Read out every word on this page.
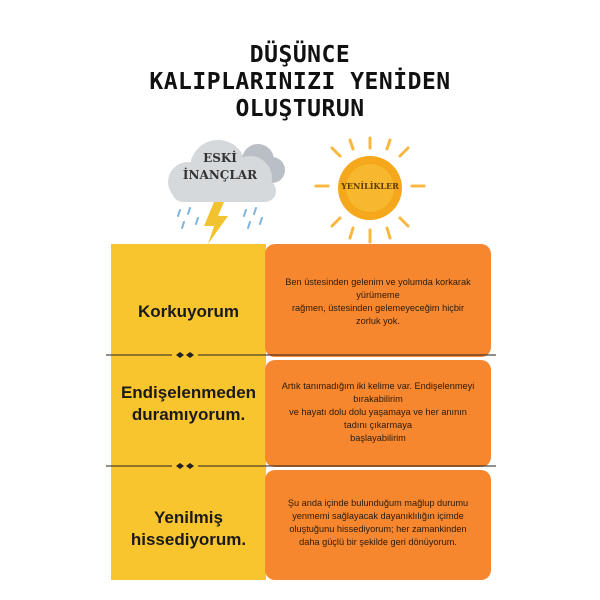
DÜŞÜNCE
KALIPLARINIZI YENİDEN
OLUŞTURUN
ESKİ
İNANÇLAR
YENİLİKLER
Korkuyorum
Endişelenmeden
duramıyorum.
Yenilmiş
hissediyorum.
Ben üstesinden gelenim ve yolumda korkarak
yürümeme
rağmen, üstesinden gelemeyeceğim hiçbir
zorluk yok.
Artık tanımadığım iki kelime var. Endişelenmeyi
bırakabilirim
ve hayatı dolu dolu yaşamaya ve her anının
tadını çıkarmaya
başlayabilirim
Şu anda içinde bulunduğum mağlup durumu
yenmemi sağlayacak dayanıklılığın içimde
oluştuğunu hissediyorum; her zamankinden
daha güçlü bir şekilde geri dönüyorum.
